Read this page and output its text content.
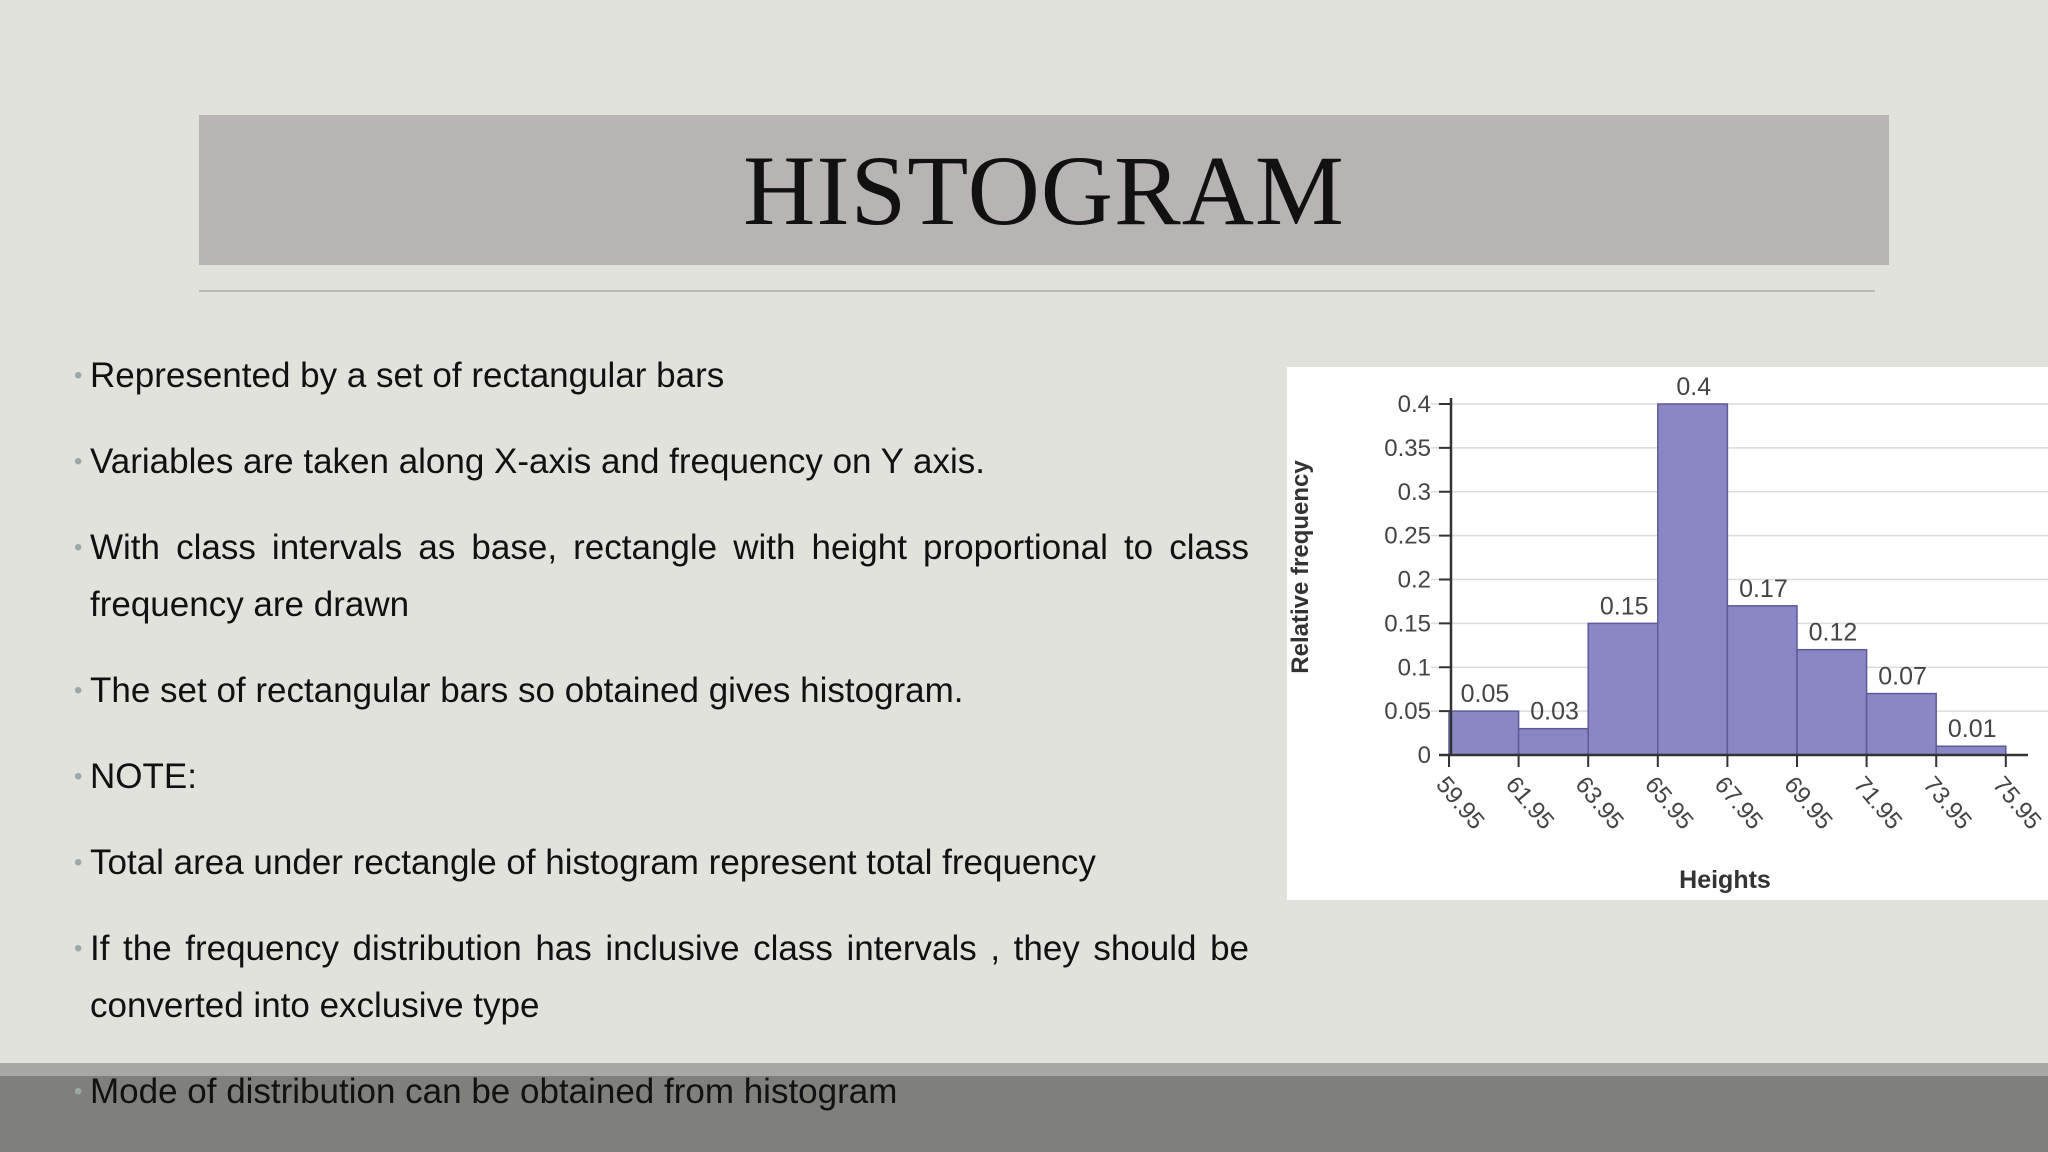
HISTOGRAM
• Represented by a set of rectangular bars
• Variables are taken along X-axis and frequency on Y axis.
• With class intervals as base, rectangle with height proportional to class frequency are drawn
• The set of rectangular bars so obtained gives histogram.
• NOTE:
• Total area under rectangle of histogram represent total frequency
• If the frequency distribution has inclusive class intervals , they should be converted into exclusive type
• Mode of distribution can be obtained from histogram
0
0.05
0.1
0.15
0.2
0.25
0.3
0.35
0.4
0.05
0.03
0.15
0.4
0.17
0.12
0.07
0.01
59.95 61.95 63.95 65.95 67.95 69.95 71.95 73.95 75.95
Relative frequency
Heights
